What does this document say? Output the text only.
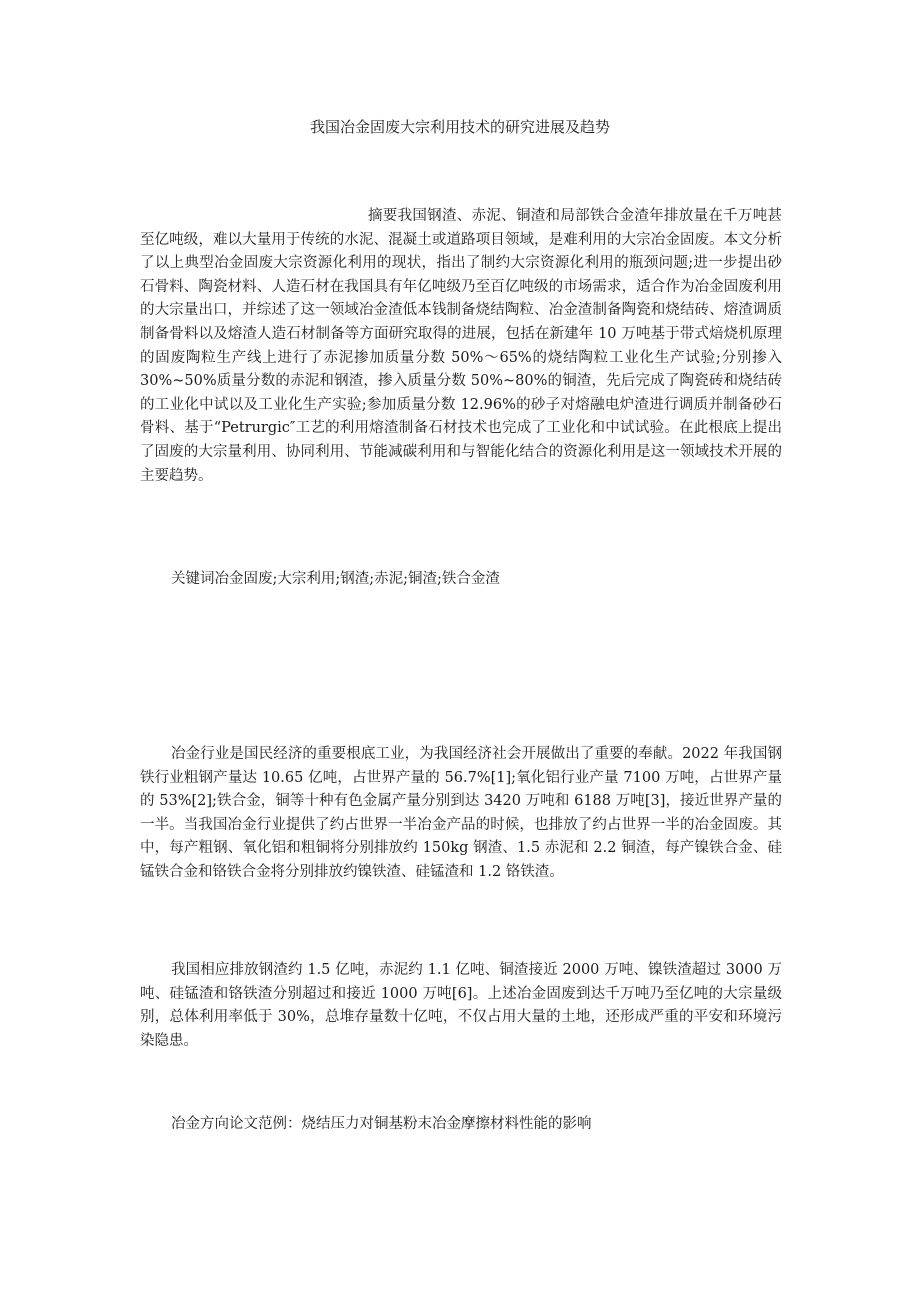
我国冶金固废大宗利用技术的研究进展及趋势

摘要我国钢渣、赤泥、铜渣和局部铁合金渣年排放量在千万吨甚至亿吨级，难以大量用于传统的水泥、混凝土或道路项目领域，是难利用的大宗冶金固废。本文分析了以上典型冶金固废大宗资源化利用的现状，指出了制约大宗资源化利用的瓶颈问题;进一步提出砂石骨料、陶瓷材料、人造石材在我国具有年亿吨级乃至百亿吨级的市场需求，适合作为冶金固废利用的大宗量出口，并综述了这一领域冶金渣低本钱制备烧结陶粒、冶金渣制备陶瓷和烧结砖、熔渣调质制备骨料以及熔渣人造石材制备等方面研究取得的进展，包括在新建年 10 万吨基于带式焙烧机原理的固废陶粒生产线上进行了赤泥掺加质量分数 50%～65%的烧结陶粒工业化生产试验;分别掺入 30%~50%质量分数的赤泥和钢渣，掺入质量分数 50%~80%的铜渣，先后完成了陶瓷砖和烧结砖的工业化中试以及工业化生产实验;参加质量分数 12.96%的砂子对熔融电炉渣进行调质并制备砂石骨料、基于“Petrurgic″工艺的利用熔渣制备石材技术也完成了工业化和中试试验。在此根底上提出了固废的大宗量利用、协同利用、节能减碳利用和与智能化结合的资源化利用是这一领域技术开展的主要趋势。

关键词冶金固废;大宗利用;钢渣;赤泥;铜渣;铁合金渣

冶金行业是国民经济的重要根底工业，为我国经济社会开展做出了重要的奉献。2022 年我国钢铁行业粗钢产量达 10.65 亿吨，占世界产量的 56.7%[1];氧化铝行业产量 7100 万吨，占世界产量的 53%[2];铁合金，铜等十种有色金属产量分别到达 3420 万吨和 6188 万吨[3]，接近世界产量的一半。当我国冶金行业提供了约占世界一半冶金产品的时候，也排放了约占世界一半的冶金固废。其中，每产粗钢、氧化铝和粗铜将分别排放约 150kg 钢渣、1.5 赤泥和 2.2 铜渣，每产镍铁合金、硅锰铁合金和铬铁合金将分别排放约镍铁渣、硅锰渣和 1.2 铬铁渣。

我国相应排放钢渣约 1.5 亿吨，赤泥约 1.1 亿吨、铜渣接近 2000 万吨、镍铁渣超过 3000 万吨、硅锰渣和铬铁渣分别超过和接近 1000 万吨[6]。上述冶金固废到达千万吨乃至亿吨的大宗量级别，总体利用率低于 30%，总堆存量数十亿吨，不仅占用大量的土地，还形成严重的平安和环境污染隐患。

冶金方向论文范例：烧结压力对铜基粉末冶金摩擦材料性能的影响
